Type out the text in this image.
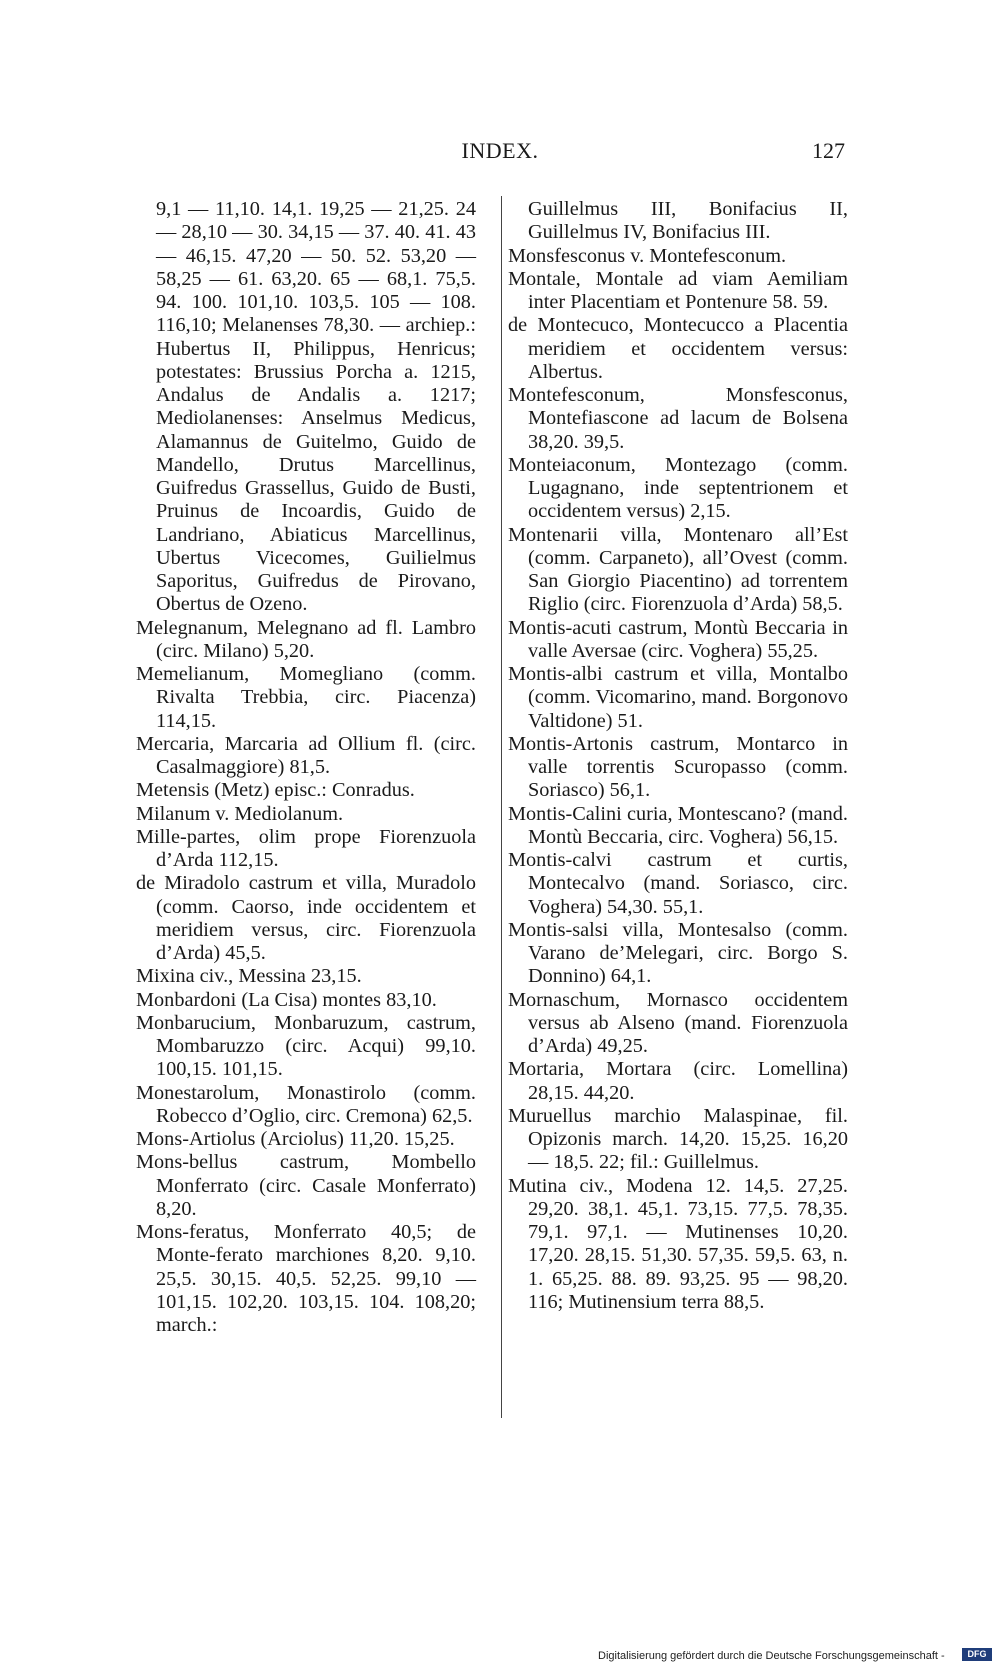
INDEX.	127
9,1 — 11,10. 14,1. 19,25 — 21,25. 24 — 28,10 — 30. 34,15 — 37. 40. 41. 43 — 46,15. 47,20 — 50. 52. 53,20 — 58,25 — 61. 63,20. 65 — 68,1. 75,5. 94. 100. 101,10. 103,5. 105 — 108. 116,10; Melanenses 78,30. — archiep.: Hubertus II, Philippus, Henricus; potestates: Brussius Porcha a. 1215, Andalus de Andalis a. 1217; Mediolanenses: Anselmus Medicus, Alamannus de Guitelmo, Guido de Mandello, Drutus Marcellinus, Guifredus Grassellus, Guido de Busti, Pruinus de Incoardis, Guido de Landriano, Abiaticus Marcellinus, Ubertus Vicecomes, Guilielmus Saporitus, Guifredus de Pirovano, Obertus de Ozeno.
Melegnanum, Melegnano ad fl. Lambro (circ. Milano) 5,20.
Memelianum, Momegliano (comm. Rivalta Trebbia, circ. Piacenza) 114,15.
Mercaria, Marcaria ad Ollium fl. (circ. Casalmaggiore) 81,5.
Metensis (Metz) episc.: Conradus.
Milanum v. Mediolanum.
Mille-partes, olim prope Fiorenzuola d’Arda 112,15.
de Miradolo castrum et villa, Muradolo (comm. Caorso, inde occidentem et meridiem versus, circ. Fiorenzuola d’Arda) 45,5.
Mixina civ., Messina 23,15.
Monbardoni (La Cisa) montes 83,10.
Monbarucium, Monbaruzum, castrum, Mombaruzzo (circ. Acqui) 99,10. 100,15. 101,15.
Monestarolum, Monastirolo (comm. Robecco d’Oglio, circ. Cremona) 62,5.
Mons-Artiolus (Arciolus) 11,20. 15,25.
Mons-bellus castrum, Mombello Monferrato (circ. Casale Monferrato) 8,20.
Mons-feratus, Monferrato 40,5; de Monte-ferato marchiones 8,20. 9,10. 25,5. 30,15. 40,5. 52,25. 99,10 — 101,15. 102,20. 103,15. 104. 108,20; march.:
Guillelmus III, Bonifacius II, Guillelmus IV, Bonifacius III.
Monsfesconus v. Montefesconum.
Montale, Montale ad viam Aemiliam inter Placentiam et Pontenure 58. 59.
de Montecuco, Montecucco a Placentia meridiem et occidentem versus: Albertus.
Montefesconum, Monsfesconus, Montefiascone ad lacum de Bolsena 38,20. 39,5.
Monteiaconum, Montezago (comm. Lugagnano, inde septentrionem et occidentem versus) 2,15.
Montenarii villa, Montenaro all’Est (comm. Carpaneto), all’Ovest (comm. San Giorgio Piacentino) ad torrentem Riglio (circ. Fiorenzuola d’Arda) 58,5.
Montis-acuti castrum, Montù Beccaria in valle Aversae (circ. Voghera) 55,25.
Montis-albi castrum et villa, Montalbo (comm. Vicomarino, mand. Borgonovo Valtidone) 51.
Montis-Artonis castrum, Montarco in valle torrentis Scuropasso (comm. Soriasco) 56,1.
Montis-Calini curia, Montescano? (mand. Montù Beccaria, circ. Voghera) 56,15.
Montis-calvi castrum et curtis, Montecalvo (mand. Soriasco, circ. Voghera) 54,30. 55,1.
Montis-salsi villa, Montesalso (comm. Varano de’Melegari, circ. Borgo S. Donnino) 64,1.
Mornaschum, Mornasco occidentem versus ab Alseno (mand. Fiorenzuola d’Arda) 49,25.
Mortaria, Mortara (circ. Lomellina) 28,15. 44,20.
Muruellus marchio Malaspinae, fil. Opizonis march. 14,20. 15,25. 16,20 — 18,5. 22; fil.: Guillelmus.
Mutina civ., Modena 12. 14,5. 27,25. 29,20. 38,1. 45,1. 73,15. 77,5. 78,35. 79,1. 97,1. — Mutinenses 10,20. 17,20. 28,15. 51,30. 57,35. 59,5. 63, n. 1. 65,25. 88. 89. 93,25. 95 — 98,20. 116; Mutinensium terra 88,5.
Digitalisierung gefördert durch die Deutsche Forschungsgemeinschaft -	DFG
